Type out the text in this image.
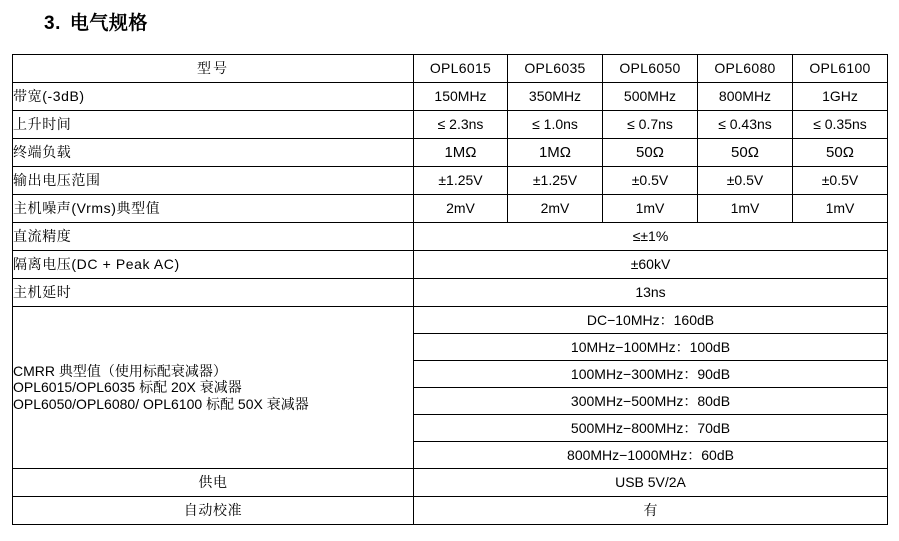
3. 电气规格
型号	OPL6015	OPL6035	OPL6050	OPL6080	OPL6100
带宽(-3dB)	150MHz	350MHz	500MHz	800MHz	1GHz
上升时间	≤ 2.3ns	≤ 1.0ns	≤ 0.7ns	≤ 0.43ns	≤ 0.35ns
终端负载	1MΩ	1MΩ	50Ω	50Ω	50Ω
输出电压范围	±1.25V	±1.25V	±0.5V	±0.5V	±0.5V
主机噪声(Vrms)典型值	2mV	2mV	1mV	1mV	1mV
直流精度	≤±1%				
隔离电压(DC + Peak AC)	±60kV				
主机延时	13ns				

CMRR 典型值（使用标配衰减器）
OPL6015/OPL6035 标配 20X 衰减器
OPL6050/OPL6080/ OPL6100 标配 50X 衰减器	DC−10MHz：160dB				
	10MHz−100MHz：100dB				
	100MHz−300MHz：90dB				
	300MHz−500MHz：80dB				
	500MHz−800MHz：70dB				
	800MHz−1000MHz：60dB				
供电	USB 5V/2A				
自动校准	有				
